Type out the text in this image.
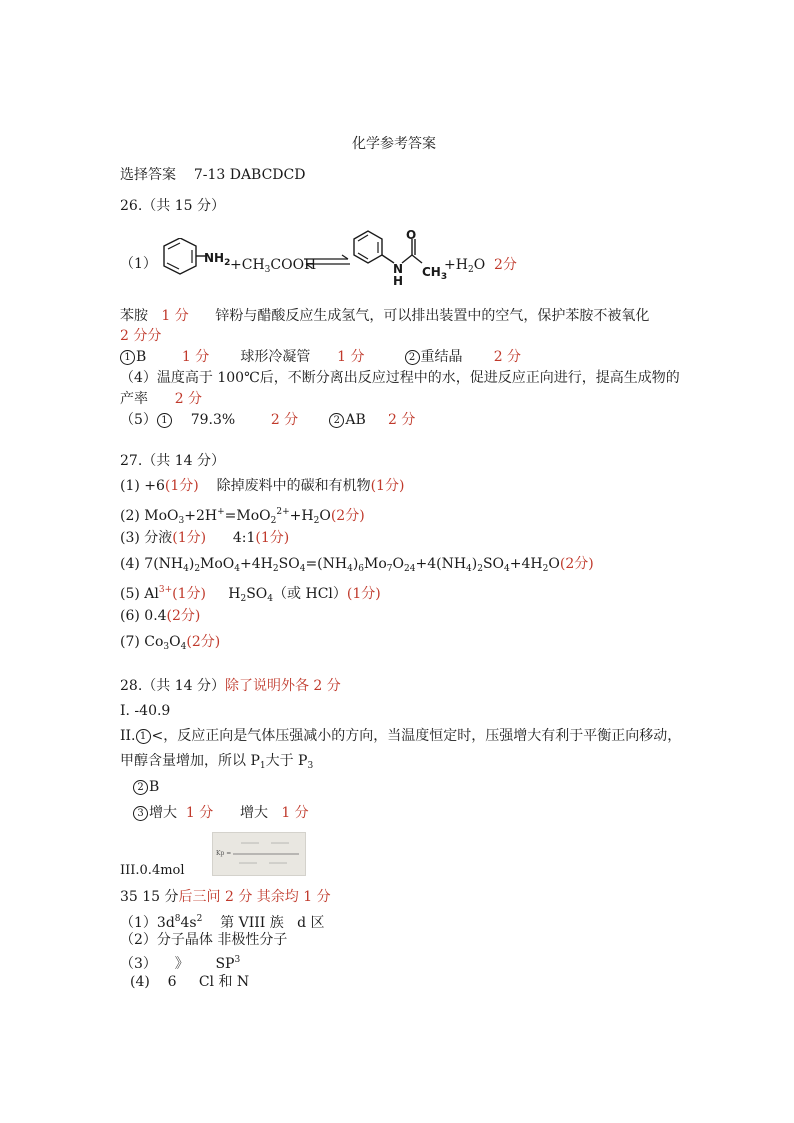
化学参考答案
选择答案 7-13 DABCDCD
26.（共 15 分）
（1）	$NH_2$ $+CH_3COOH$
O
N
H
$CH_3$
$+H_2O$ 2分
苯胺 1 分 锌粉与醋酸反应生成氢气，可以排出装置中的空气，保护苯胺不被氧化
2 分分
1 B	1 分 球形冷凝管 1 分	2 重结晶 2 分
（4）温度高于 100℃后，不断分离出反应过程中的水，促进反应正向进行，提高生成物的
产率 2 分
（5） 1 79.3%	2 分	2 AB 2 分
27.（共 14 分）
(1) +6(1分) 除掉废料中的碳和有机物(1分)
(2) $MoO_3+2H^+=MoO_2^{2+}+H_2O(2$分)
(3) 分液(1分) 4:1(1分)
(4) $7(NH_4)_2MoO_4+4H_2SO_4=(NH_4)_6Mo_7O_{24}+4(NH_4)_2SO_4+4H_2O(2$分)
(5) $Al^{3+}(1$分) $H_2SO_4$（或 HCl）(1分)
(6) 0.4(2分)
(7) $Co_3O_4(2$分)
28.（共 14 分）除了说明外各 2 分
I. -40.9
II. 1 <，反应正向是气体压强减小的方向，当温度恒定时，压强增大有利于平衡正向移动，
甲醇含量增加，所以 $P_1$大于 $P_3$
2 B
3 增大 1 分 增大 1 分
Kp =
III.0.4mol
35 15 分后三问 2 分 其余均 1 分
$(1)3d^84s^2$ 第 VIII 族 d 区
（2）分子晶体 非极性分子
（3） 》 $SP^3$
(4) 6 Cl 和 N
